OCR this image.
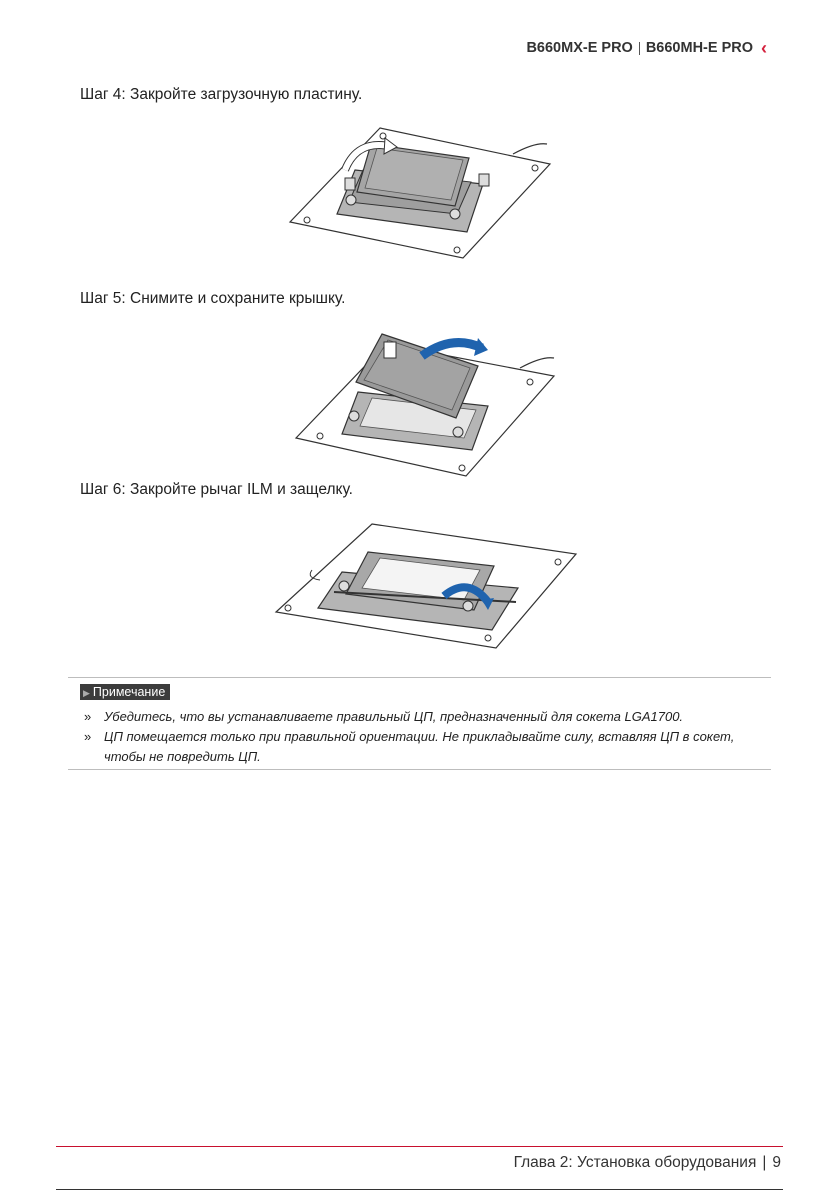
B660MX-E PRO B660MH-E PRO ‹
Шаг 4: Закройте загрузочную пластину.
Шаг 5: Снимите и сохраните крышку.
Шаг 6: Закройте рычаг ILM и защелку.
▶ Примечание
» Убедитесь, что вы устанавливаете правильный ЦП, предназначенный для сокета LGA1700.
» ЦП помещается только при правильной ориентации. Не прикладывайте силу, вставляя ЦП в сокет, чтобы не повредить ЦП.
Глава 2: Установка оборудования | 9
